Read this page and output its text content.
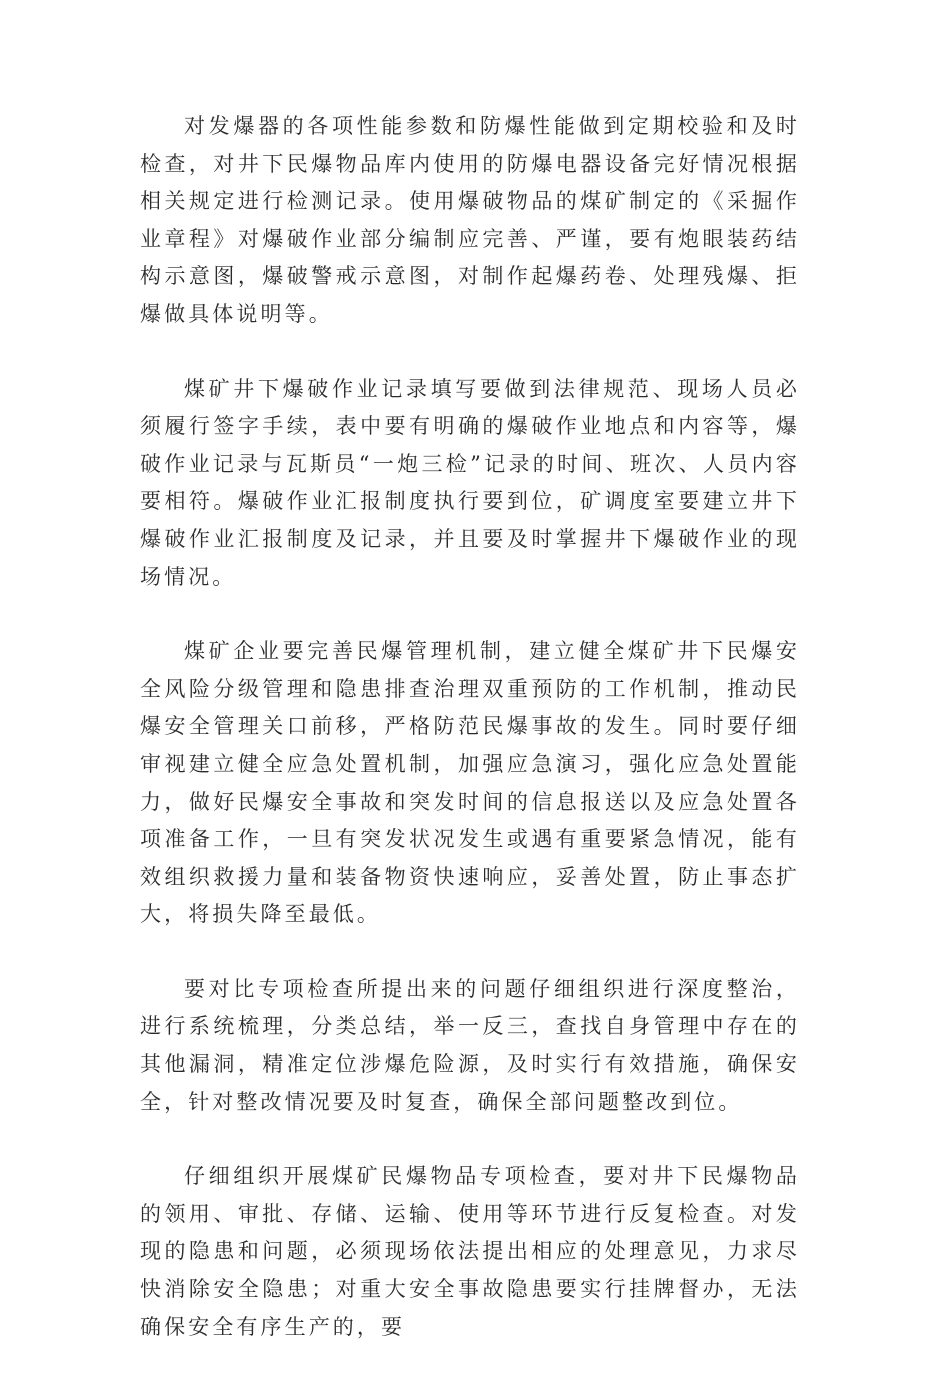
对发爆器的各项性能参数和防爆性能做到定期校验和及时检查，对井下民爆物品库内使用的防爆电器设备完好情况根据相关规定进行检测记录。使用爆破物品的煤矿制定的《采掘作业章程》对爆破作业部分编制应完善、严谨，要有炮眼装药结构示意图，爆破警戒示意图，对制作起爆药卷、处理残爆、拒爆做具体说明等。

煤矿井下爆破作业记录填写要做到法律规范、现场人员必须履行签字手续，表中要有明确的爆破作业地点和内容等，爆破作业记录与瓦斯员“一炮三检”记录的时间、班次、人员内容要相符。爆破作业汇报制度执行要到位，矿调度室要建立井下爆破作业汇报制度及记录，并且要及时掌握井下爆破作业的现场情况。

煤矿企业要完善民爆管理机制，建立健全煤矿井下民爆安全风险分级管理和隐患排查治理双重预防的工作机制，推动民爆安全管理关口前移，严格防范民爆事故的发生。同时要仔细审视建立健全应急处置机制，加强应急演习，强化应急处置能力，做好民爆安全事故和突发时间的信息报送以及应急处置各项准备工作，一旦有突发状况发生或遇有重要紧急情况，能有效组织救援力量和装备物资快速响应，妥善处置，防止事态扩大，将损失降至最低。

要对比专项检查所提出来的问题仔细组织进行深度整治，进行系统梳理，分类总结，举一反三，查找自身管理中存在的其他漏洞，精准定位涉爆危险源，及时实行有效措施，确保安全，针对整改情况要及时复查，确保全部问题整改到位。

仔细组织开展煤矿民爆物品专项检查，要对井下民爆物品的领用、审批、存储、运输、使用等环节进行反复检查。对发现的隐患和问题，必须现场依法提出相应的处理意见，力求尽快消除安全隐患；对重大安全事故隐患要实行挂牌督办，无法确保安全有序生产的，要
